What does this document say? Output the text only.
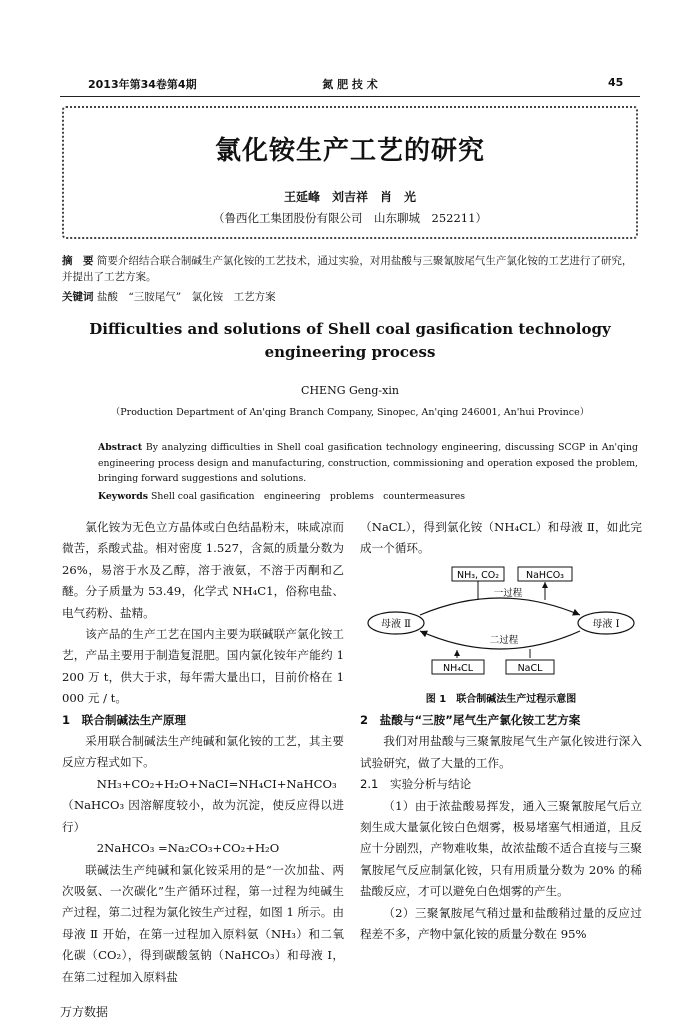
2013年第34卷第4期	氮 肥 技 术	45
氯化铵生产工艺的研究
王延峰　刘吉祥　肖　光
（鲁西化工集团股份有限公司　山东聊城　252211）
摘　要 简要介绍结合联合制碱生产氯化铵的工艺技术，通过实验，对用盐酸与三聚氰胺尾气生产氯化铵的工艺进行了研究，并提出了工艺方案。
关键词 盐酸　“三胺尾气”　氯化铵　工艺方案
Difficulties and solutions of Shell coal gasification technology
engineering process
CHENG Geng-xin
（Production Department of An'qing Branch Company, Sinopec, An'qing 246001, An'hui Province）
Abstract By analyzing difficulties in Shell coal gasification technology engineering, discussing SCGP in An'qing engineering process design and manufacturing, construction, commissioning and operation exposed the problem, bringing forward suggestions and solutions.
Keywords Shell coal gasification　engineering　problems　countermeasures

氯化铵为无色立方晶体或白色结晶粉末，味咸凉而微苦，系酸式盐。相对密度 1.527，含氮的质量分数为 26%，易溶于水及乙醇，溶于液氨，不溶于丙酮和乙醚。分子质量为 53.49，化学式 NH₄C1，俗称电盐、电气药粉、盐精。

该产品的生产工艺在国内主要为联碱联产氯化铵工艺，产品主要用于制造复混肥。国内氯化铵年产能约 1 200 万 t，供大于求，每年需大量出口，目前价格在 1 000 元 / t。

1　联合制碱法生产原理

采用联合制碱法生产纯碱和氯化铵的工艺，其主要反应方程式如下。

NH₃+CO₂+H₂O+NaCI=NH₄CI+NaHCO₃

（NaHCO₃ 因溶解度较小，故为沉淀，使反应得以进行）

2NaHCO₃ =Na₂CO₃+CO₂+H₂O

联碱法生产纯碱和氯化铵采用的是“一次加盐、两次吸氨、一次碳化”生产循环过程，第一过程为纯碱生产过程，第二过程为氯化铵生产过程，如图 1 所示。由母液 Ⅱ 开始，在第一过程加入原料氨（NH₃）和二氧化碳（CO₂），得到碳酸氢钠（NaHCO₃）和母液 I，在第二过程加入原料盐

（NaCL），得到氯化铵（NH₄CL）和母液 Ⅱ，如此完成一个循环。

NH₃, CO₂	NaHCO₃
一过程
母液 Ⅱ	母液 I
二过程
NH₄CL	NaCL
图 1　联合制碱法生产过程示意图

2　盐酸与“三胺”尾气生产氯化铵工艺方案

我们对用盐酸与三聚氰胺尾气生产氯化铵进行深入试验研究，做了大量的工作。

2.1　实验分析与结论

（1）由于浓盐酸易挥发，通入三聚氰胺尾气后立刻生成大量氯化铵白色烟雾，极易堵塞气相通道，且反应十分剧烈，产物难收集，故浓盐酸不适合直接与三聚氰胺尾气反应制氯化铵，只有用质量分数为 20% 的稀盐酸反应，才可以避免白色烟雾的产生。

（2）三聚氰胺尾气稍过量和盐酸稍过量的反应过程差不多，产物中氯化铵的质量分数在 95%

万方数据
